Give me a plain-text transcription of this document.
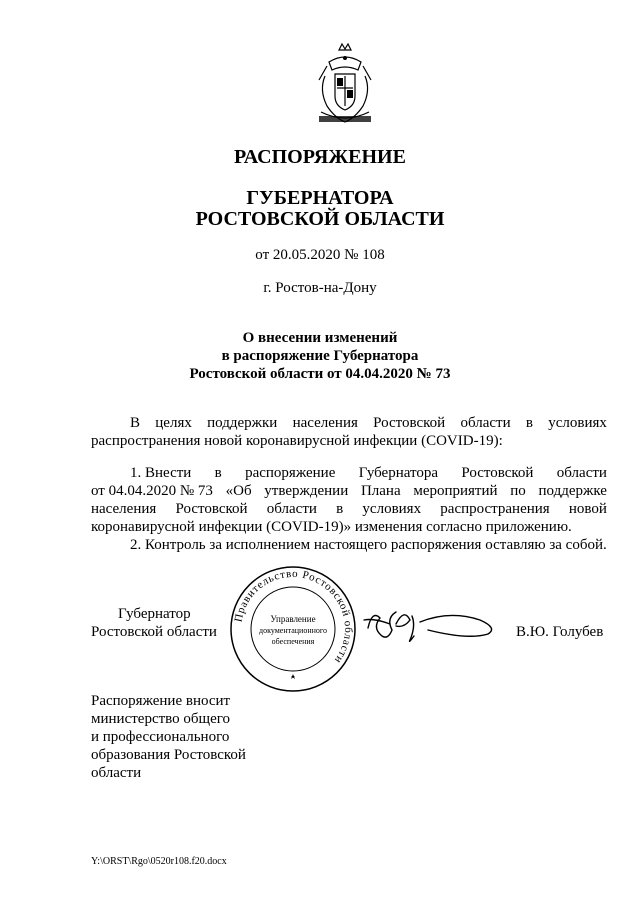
РАСПОРЯЖЕНИЕ
ГУБЕРНАТОРА
РОСТОВСКОЙ ОБЛАСТИ
от 20.05.2020 № 108
г. Ростов-на-Дону
О внесении изменений
в распоряжение Губернатора
Ростовской области от 04.04.2020 № 73
В целях поддержки населения Ростовской области в условиях
распространения новой коронавирусной инфекции (COVID-19):
1. Внести в распоряжение Губернатора Ростовской области
от 04.04.2020 № 73 «Об утверждении Плана мероприятий по поддержке
населения Ростовской области в условиях распространения новой
коронавирусной инфекции (COVID-19)» изменения согласно приложению.
2. Контроль за исполнением настоящего распоряжения оставляю за собой.
Губернатор
Ростовской области
Правительство Ростовской области
Управление
документационного
обеспечения
В.Ю. Голубев
Распоряжение вносит
министерство общего
и профессионального
образования Ростовской
области
Y:\ORST\Rgo\0520r108.f20.docx
